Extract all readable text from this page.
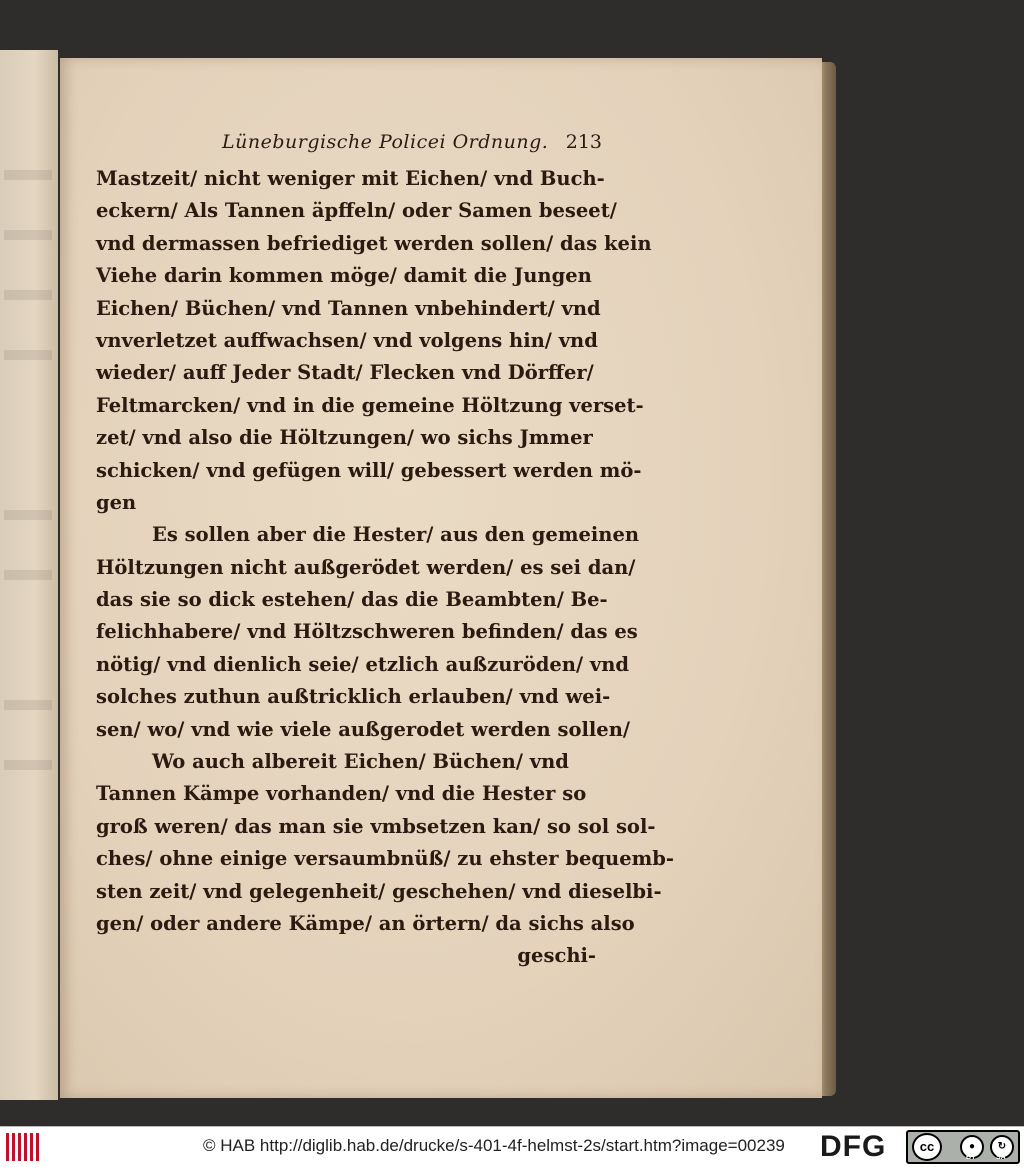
Lüneburgische Policei Ordnung. 213
Mastzeit/ nicht weniger mit Eichen/ vnd Buch-
eckern/ Als Tannen äpffeln/ oder Samen beseet/
vnd dermassen befriediget werden sollen/ das kein
Viehe darin kommen möge/ damit die Jungen
Eichen/ Büchen/ vnd Tannen vnbehindert/ vnd
vnverletzet auffwachsen/ vnd volgens hin/ vnd
wieder/ auff Jeder Stadt/ Flecken vnd Dörffer/
Feltmarcken/ vnd in die gemeine Höltzung verset-
zet/ vnd also die Höltzungen/ wo sichs Jmmer
schicken/ vnd gefügen will/ gebessert werden mö-
gen
Es sollen aber die Hester/ aus den gemeinen
Höltzungen nicht außgerödet werden/ es sei dan/
das sie so dick estehen/ das die Beambten/ Be-
felichhabere/ vnd Höltzschweren befinden/ das es
nötig/ vnd dienlich seie/ etzlich außzuröden/ vnd
solches zuthun außtricklich erlauben/ vnd wei-
sen/ wo/ vnd wie viele außgerodet werden sollen/
Wo auch albereit Eichen/ Büchen/ vnd
Tannen Kämpe vorhanden/ vnd die Hester so
groß weren/ das man sie vmbsetzen kan/ so sol sol-
ches/ ohne einige versaumbnüß/ zu ehster bequemb-
sten zeit/ vnd gelegenheit/ geschehen/ vnd dieselbi-
gen/ oder andere Kämpe/ an örtern/ da sichs also
geschi-
© HAB http://diglib.hab.de/drucke/s-401-4f-helmst-2s/start.htm?image=00239 DFG	cc	●	↻
BY	SA
